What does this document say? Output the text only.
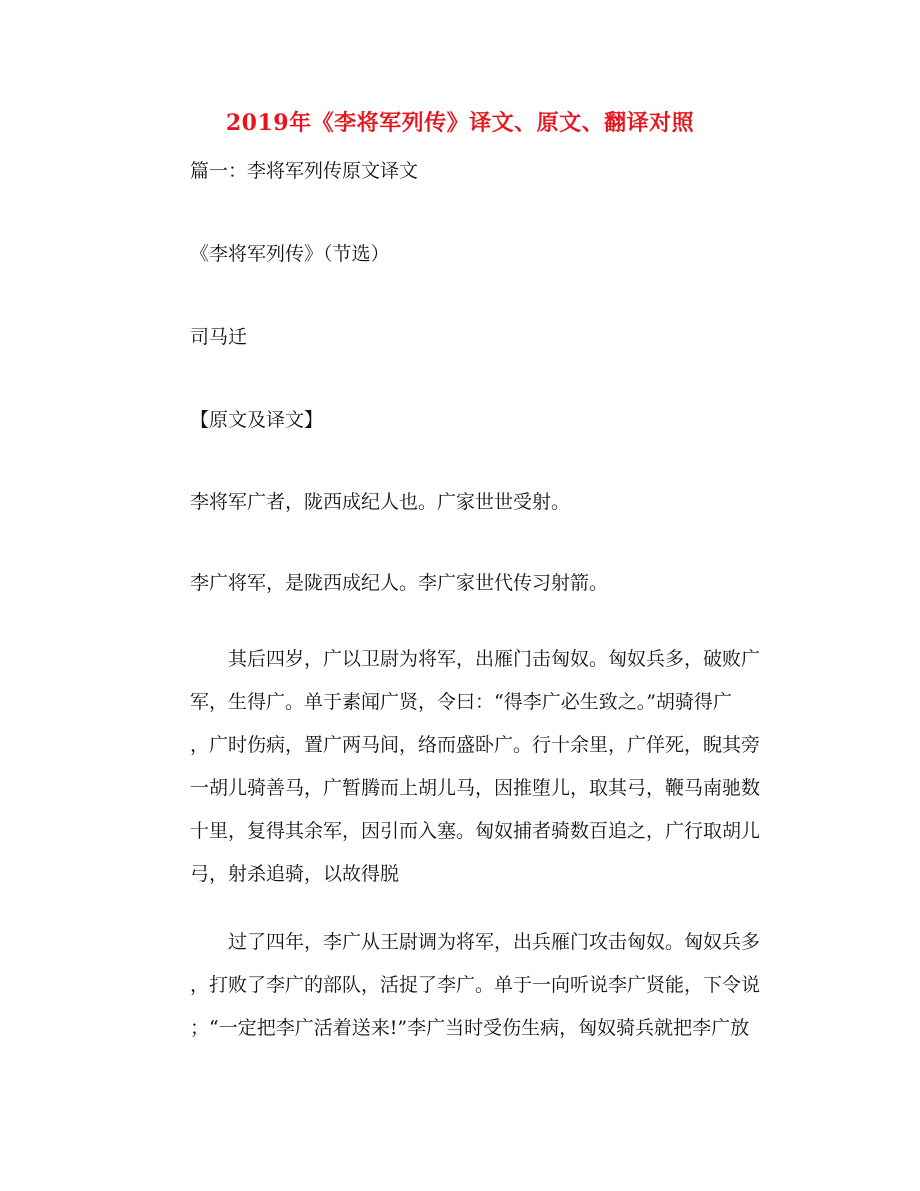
2019年《李将军列传》译文、原文、翻译对照
篇一：李将军列传原文译文
《李将军列传》（节选）
司马迁
【原文及译文】
李将军广者，陇西成纪人也。广家世世受射。
李广将军，是陇西成纪人。李广家世代传习射箭。
　　其后四岁，广以卫尉为将军，出雁门击匈奴。匈奴兵多，破败广
军，生得广。单于素闻广贤，令曰：“得李广必生致之。”胡骑得广
，广时伤病，置广两马间，络而盛卧广。行十余里，广佯死，睨其旁
一胡儿骑善马，广暂腾而上胡儿马，因推堕儿，取其弓，鞭马南驰数
十里，复得其余军，因引而入塞。匈奴捕者骑数百追之，广行取胡儿
弓，射杀追骑，以故得脱
　　过了四年，李广从王尉调为将军，出兵雁门攻击匈奴。匈奴兵多
，打败了李广的部队，活捉了李广。单于一向听说李广贤能，下令说
；“一定把李广活着送来!”李广当时受伤生病，匈奴骑兵就把李广放
